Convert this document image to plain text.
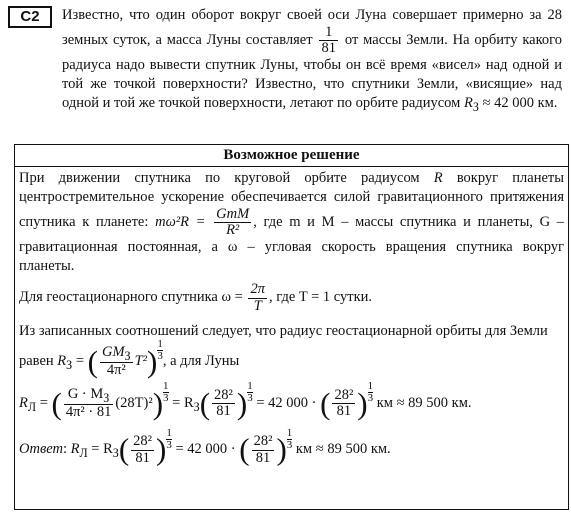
C2	Известно, что один оборот вокруг своей оси Луна совершает примерно за 28 земных суток, а масса Луны составляет $\frac{1}{81}$ от массы Земли. На орбиту какого радиуса надо вывести спутник Луны, чтобы он всё время «висел» над одной и той же точкой поверхности? Известно, что спутники Земли, «висящие» над одной и той же точкой поверхности, летают по орбите радиусом $R_З \approx 42$ 000 км.
Возможное решение

При движении спутника по круговой орбите радиусом R вокруг планеты центростремительное ускорение обеспечивается силой гравитационного притяжения спутника к планете: $m\omega^2R = \frac{\text{GmM}}{\text{R²}}$ , где m и M – массы спутника и планеты, G – гравитационная постоянная, а ω – угловая скорость вращения спутника вокруг планеты.

Для геостационарного спутника $\omega = \frac{2\pi}{T}$ , где T = 1 сутки.

Из записанных соотношений следует, что радиус геостационарной орбиты для Земли

равен $R_З$ = ( $\frac{GM_З}{\text{4π²}} T^2) \frac{1}{3}$ , а для Луны

$R_Л$ = ( $\frac{G \cdot M_З}{\text{4π² · 81}} (28T)^2) \frac{1}{3} = R_З( \frac{\text{28²}}{81}$ ) $\frac{1}{3} = 42$ 000 · ( $\frac{\text{28²}}{81}$ ) $\frac{1}{3}$ км ≈ 89 500 км.

Ответ: $R_Л = R_З( \frac{\text{28²}}{81}$ ) $\frac{1}{3} = 42$ 000 · ( $\frac{\text{28²}}{81}$ ) $\frac{1}{3}$ км ≈ 89 500 км.
